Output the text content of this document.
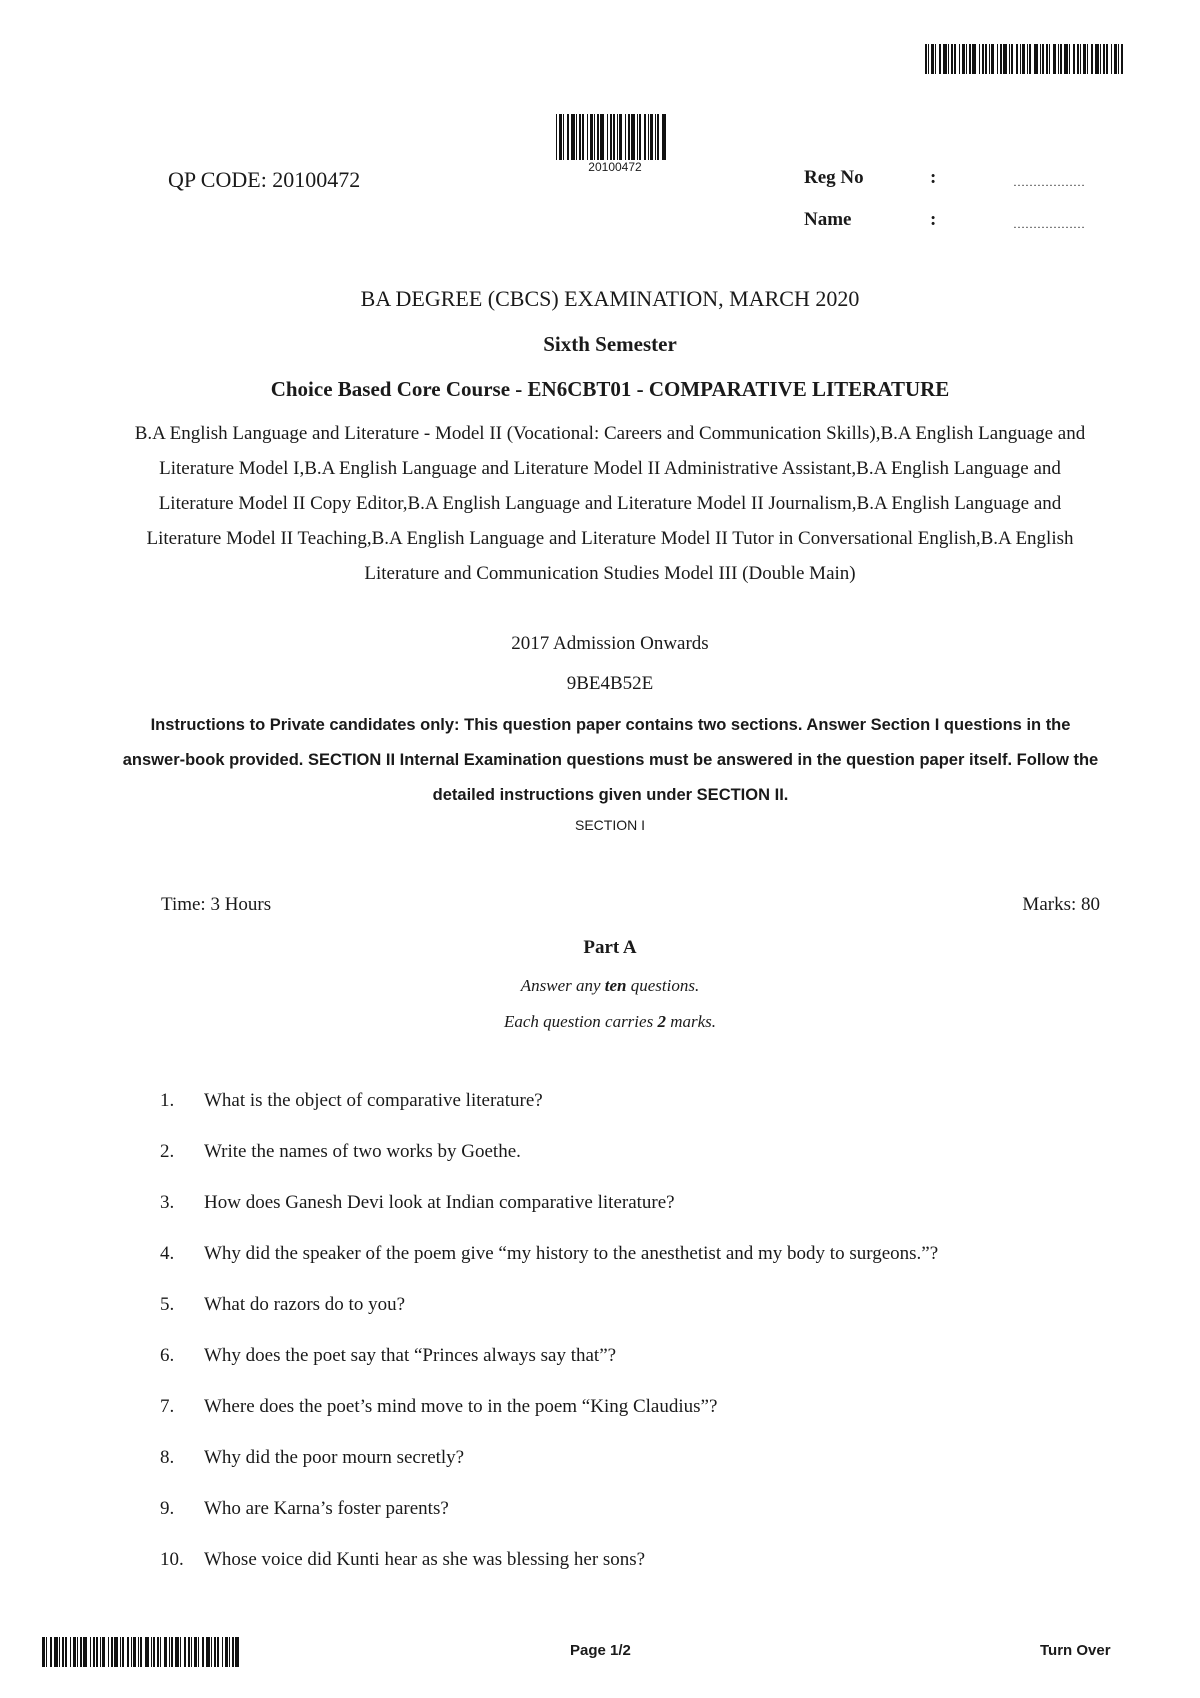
20100472
QP CODE: 20100472	Reg No	:	………………
Name	:	………………
BA DEGREE (CBCS) EXAMINATION, MARCH 2020
Sixth Semester
Choice Based Core Course - EN6CBT01 - COMPARATIVE LITERATURE
B.A English Language and Literature - Model II (Vocational: Careers and Communication Skills),B.A English Language and Literature Model I,B.A English Language and Literature Model II Administrative Assistant,B.A English Language and Literature Model II Copy Editor,B.A English Language and Literature Model II Journalism,B.A English Language and Literature Model II Teaching,B.A English Language and Literature Model II Tutor in Conversational English,B.A English Literature and Communication Studies Model III (Double Main)
2017 Admission Onwards
9BE4B52E
Instructions to Private candidates only: This question paper contains two sections. Answer Section I questions in the answer-book provided. SECTION II Internal Examination questions must be answered in the question paper itself. Follow the detailed instructions given under SECTION II.
SECTION I
Time: 3 Hours	Marks: 80
Part A
Answer any ten questions.
Each question carries 2 marks.
1. What is the object of comparative literature?
2. Write the names of two works by Goethe.
3. How does Ganesh Devi look at Indian comparative literature?
4. Why did the speaker of the poem give “my history to the anesthetist and my body to surgeons.”?
5. What do razors do to you?
6. Why does the poet say that “Princes always say that”?
7. Where does the poet’s mind move to in the poem “King Claudius”?
8. Why did the poor mourn secretly?
9. Who are Karna’s foster parents?
10. Whose voice did Kunti hear as she was blessing her sons?
Page 1/2	Turn Over
